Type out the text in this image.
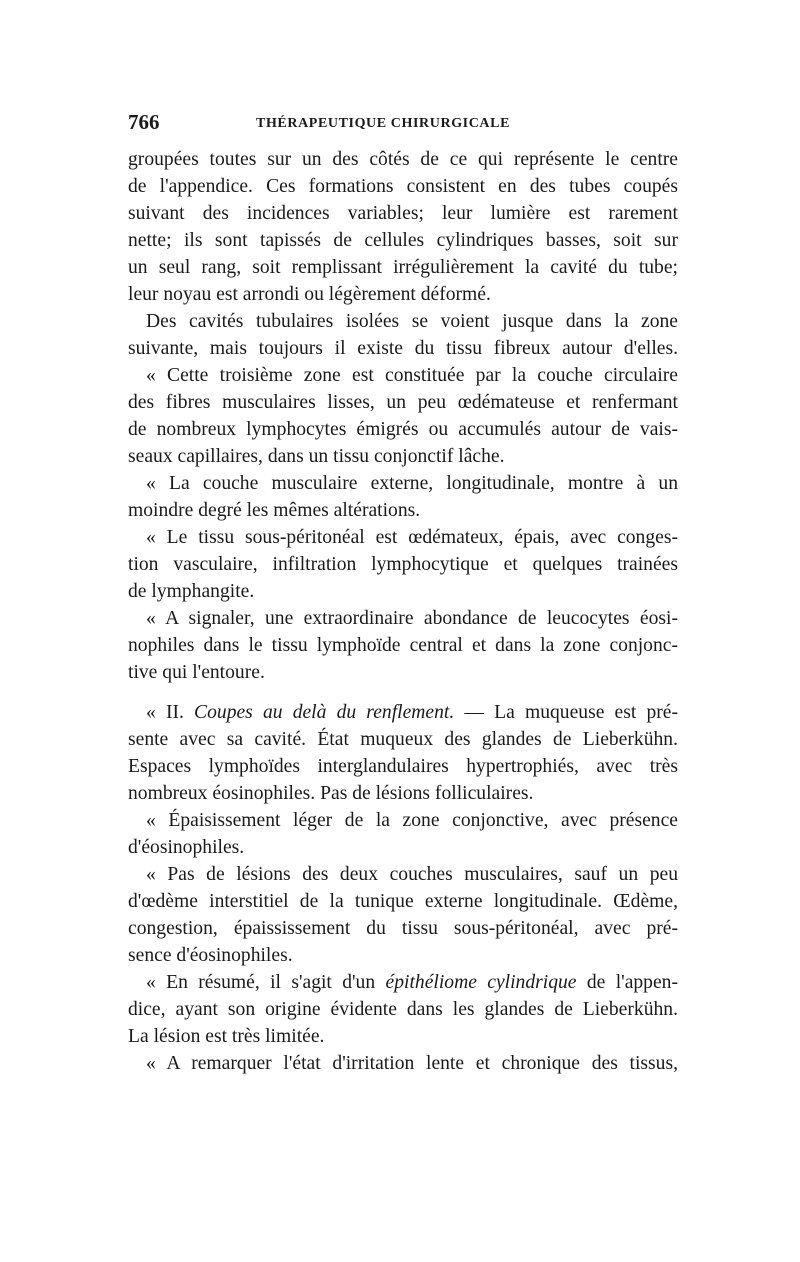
766	THÉRAPEUTIQUE CHIRURGICALE
groupées toutes sur un des côtés de ce qui représente le centre
de l'appendice. Ces formations consistent en des tubes coupés
suivant des incidences variables; leur lumière est rarement
nette; ils sont tapissés de cellules cylindriques basses, soit sur
un seul rang, soit remplissant irrégulièrement la cavité du tube;
leur noyau est arrondi ou légèrement déformé.
Des cavités tubulaires isolées se voient jusque dans la zone
suivante, mais toujours il existe du tissu fibreux autour d'elles.
« Cette troisième zone est constituée par la couche circulaire
des fibres musculaires lisses, un peu œdémateuse et renfermant
de nombreux lymphocytes émigrés ou accumulés autour de vais-
seaux capillaires, dans un tissu conjonctif lâche.
« La couche musculaire externe, longitudinale, montre à un
moindre degré les mêmes altérations.
« Le tissu sous-péritonéal est œdémateux, épais, avec conges-
tion vasculaire, infiltration lymphocytique et quelques trainées
de lymphangite.
« A signaler, une extraordinaire abondance de leucocytes éosi-
nophiles dans le tissu lymphoïde central et dans la zone conjonc-
tive qui l'entoure.
« II. Coupes au delà du renflement. — La muqueuse est pré-
sente avec sa cavité. État muqueux des glandes de Lieberkühn.
Espaces lymphoïdes interglandulaires hypertrophiés, avec très
nombreux éosinophiles. Pas de lésions folliculaires.
« Épaisissement léger de la zone conjonctive, avec présence
d'éosinophiles.
« Pas de lésions des deux couches musculaires, sauf un peu
d'œdème interstitiel de la tunique externe longitudinale. Œdème,
congestion, épaississement du tissu sous-péritonéal, avec pré-
sence d'éosinophiles.
« En résumé, il s'agit d'un épithéliome cylindrique de l'appen-
dice, ayant son origine évidente dans les glandes de Lieberkühn.
La lésion est très limitée.
« A remarquer l'état d'irritation lente et chronique des tissus,
